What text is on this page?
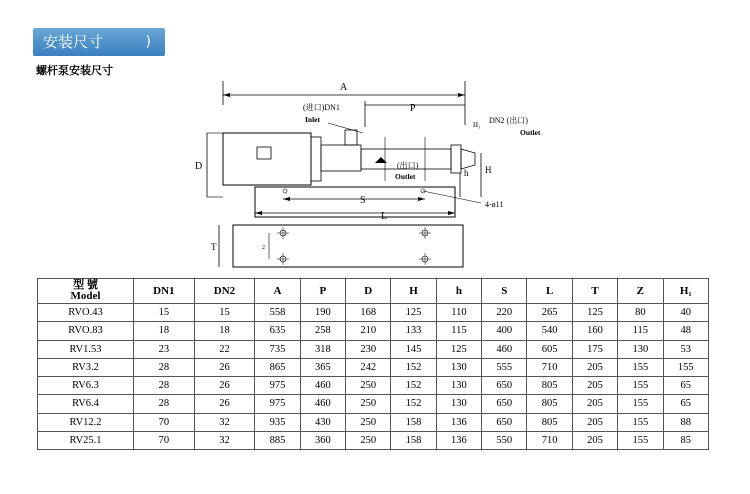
安装尺寸	)
螺杆泵安装尺寸
A
P
(进口)DN1
Inlet
H₁ DN2 (出口)
Outlet
D	(出口)
Outlet	h H
S
L
4-ø11
2
T
型 號
Model	DN1	DN2	A	P	D	H	h	S	L	T	Z	H₁
RVO.43	15	15	558	190	168	125	110	220	265	125	80	40
RVO.83	18	18	635	258	210	133	115	400	540	160	115	48
RV1.53	23	22	735	318	230	145	125	460	605	175	130	53
RV3.2	28	26	865	365	242	152	130	555	710	205	155	155
RV6.3	28	26	975	460	250	152	130	650	805	205	155	65
RV6.4	28	26	975	460	250	152	130	650	805	205	155	65
RV12.2	70	32	935	430	250	158	136	650	805	205	155	88
RV25.1	70	32	885	360	250	158	136	550	710	205	155	85
